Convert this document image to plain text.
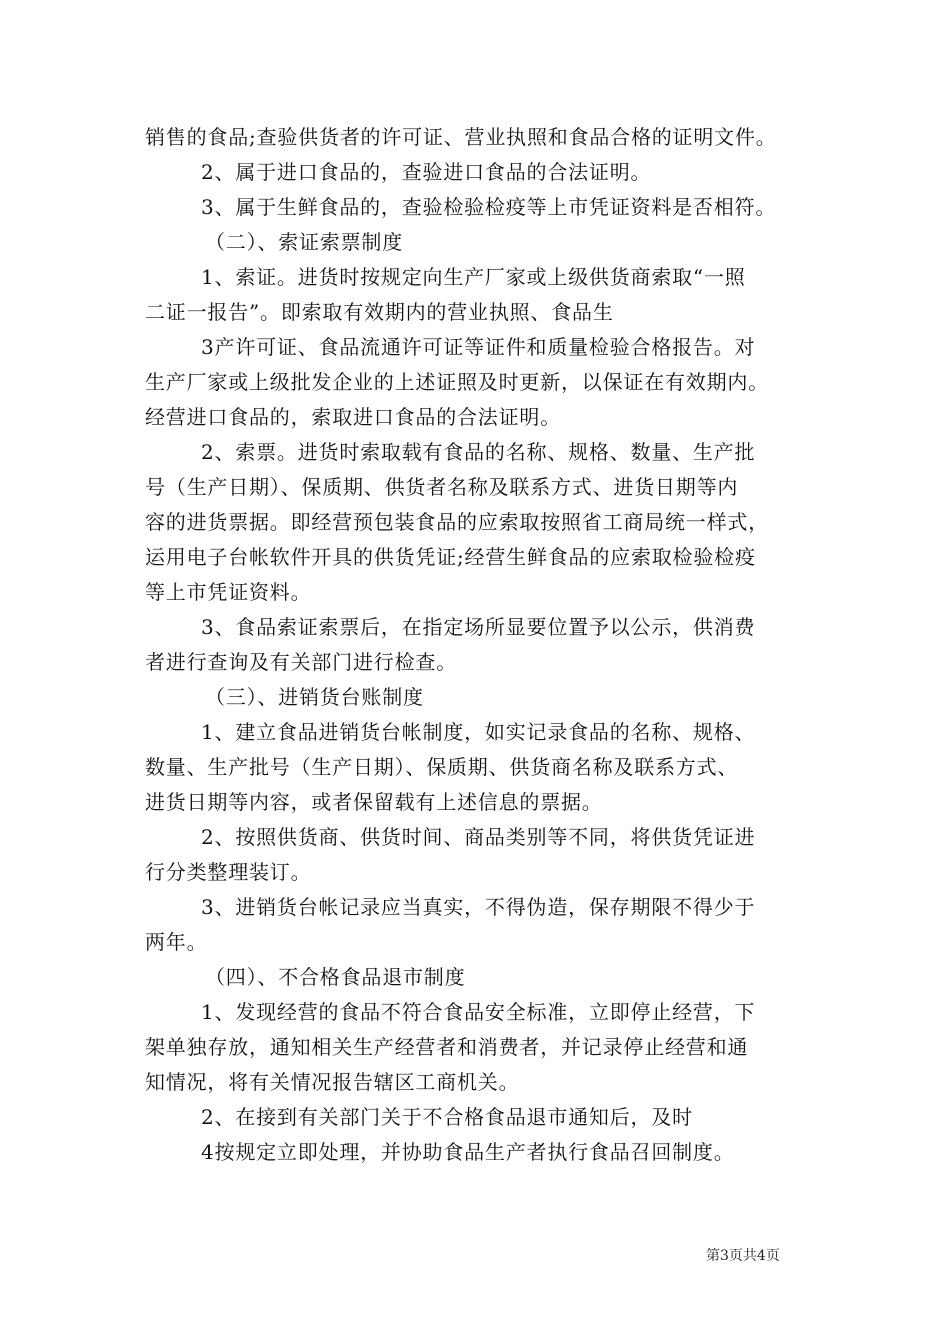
销售的食品;查验供货者的许可证、营业执照和食品合格的证明文件。
2、属于进口食品的，查验进口食品的合法证明。
3、属于生鲜食品的，查验检验检疫等上市凭证资料是否相符。
（二）、索证索票制度
1、索证。进货时按规定向生产厂家或上级供货商索取“一照
二证一报告”。即索取有效期内的营业执照、食品生
3产许可证、食品流通许可证等证件和质量检验合格报告。对
生产厂家或上级批发企业的上述证照及时更新，以保证在有效期内。
经营进口食品的，索取进口食品的合法证明。
2、索票。进货时索取载有食品的名称、规格、数量、生产批
号（生产日期）、保质期、供货者名称及联系方式、进货日期等内
容的进货票据。即经营预包装食品的应索取按照省工商局统一样式，
运用电子台帐软件开具的供货凭证;经营生鲜食品的应索取检验检疫
等上市凭证资料。
3、食品索证索票后，在指定场所显要位置予以公示，供消费
者进行查询及有关部门进行检查。
（三）、进销货台账制度
1、建立食品进销货台帐制度，如实记录食品的名称、规格、
数量、生产批号（生产日期）、保质期、供货商名称及联系方式、
进货日期等内容，或者保留载有上述信息的票据。
2、按照供货商、供货时间、商品类别等不同，将供货凭证进
行分类整理装订。
3、进销货台帐记录应当真实，不得伪造，保存期限不得少于
两年。
（四）、不合格食品退市制度
1、发现经营的食品不符合食品安全标准，立即停止经营，下
架单独存放，通知相关生产经营者和消费者，并记录停止经营和通
知情况，将有关情况报告辖区工商机关。
2、在接到有关部门关于不合格食品退市通知后，及时
4按规定立即处理，并协助食品生产者执行食品召回制度。
第3页共4页
